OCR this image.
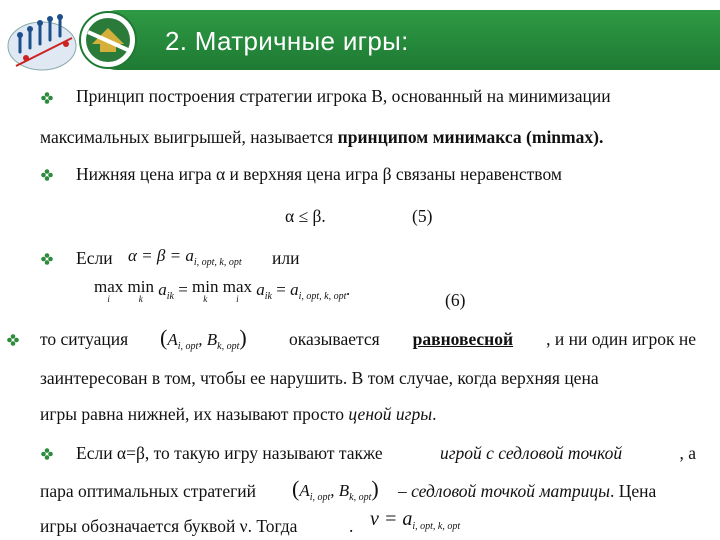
2. Матричные игры:
Принцип построения стратегии игрока B, основанный на минимизации
максимальных выигрышей, называется принципом минимакса (minmax).
Нижняя цена игра α и верхняя цена игра β связаны неравенством
α ≤ β.	(5)
Если $\alpha = \beta = a_{i, opt, k, opt}$ или
max
i
min
k
$a_{ik} = \min$
k
max
i
$a_{ik} = a_{i, opt, k, opt}$.
(6)
то ситуация ($A_{i, opt}$, $B_{k, opt}$) оказывается равновесной , и ни один игрок не
заинтересован в том, чтобы ее нарушить. В том случае, когда верхняя цена
игры равна нижней, их называют просто ценой игры.
Если α=β, то такую игру называют также	игрой с седловой точкой	, а
пара оптимальных стратегий ($A_{i, opt}$, $B_{k, opt}$) – седловой точкой матрицы. Цена
игры обозначается буквой ν. Тогда	. $\nu = a_{i, opt, k, opt}$
